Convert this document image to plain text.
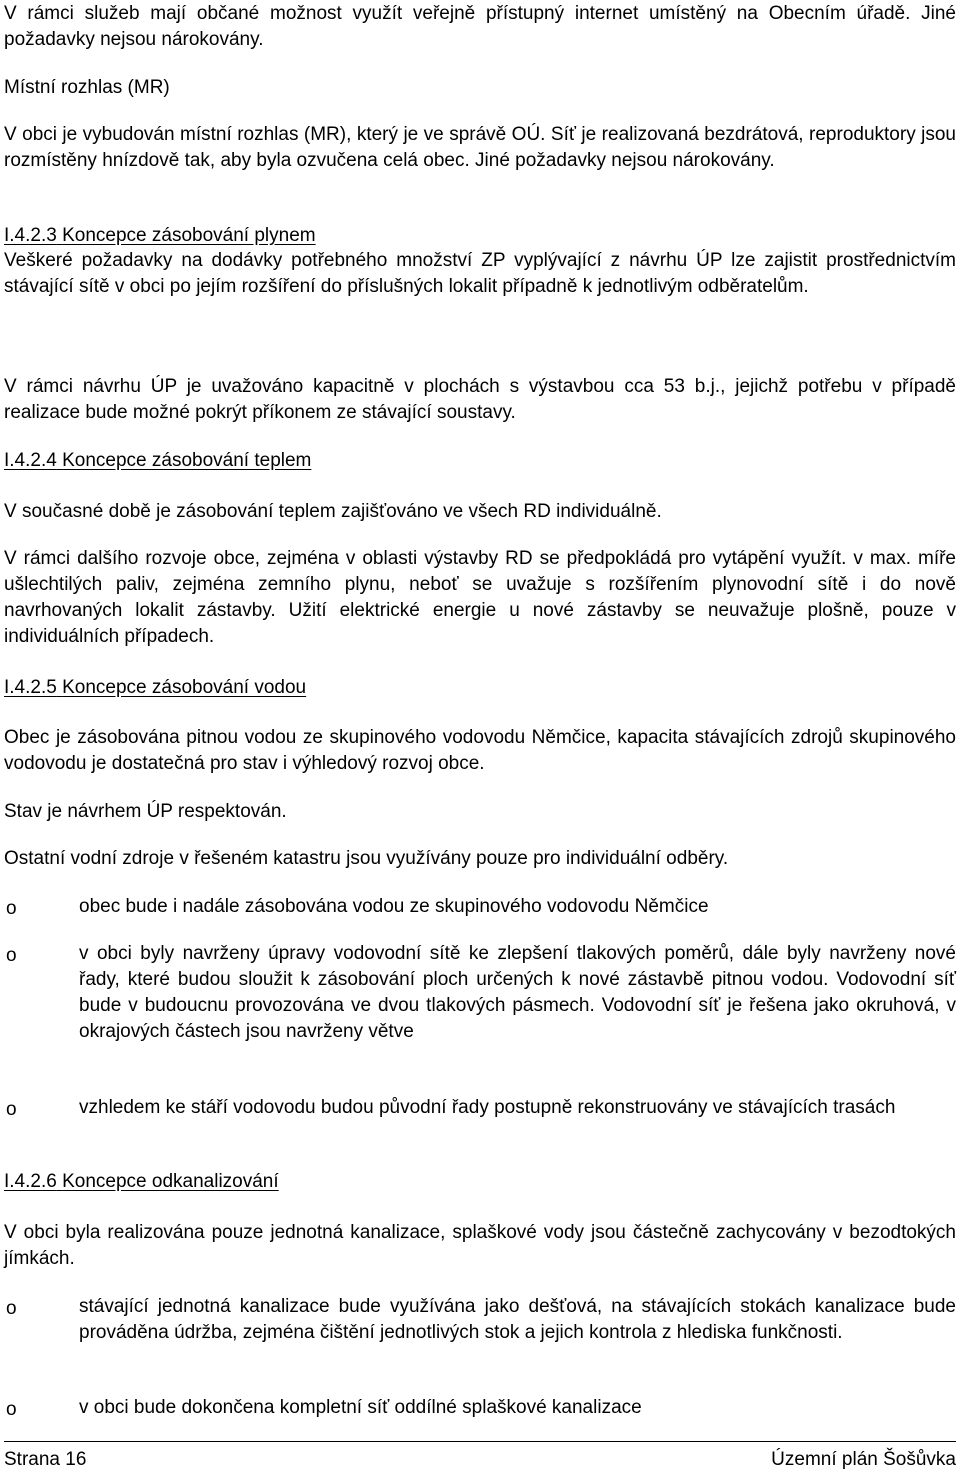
V rámci služeb mají občané možnost využít veřejně přístupný internet umístěný na Obecním úřadě. Jiné požadavky nejsou nárokovány.

Místní rozhlas (MR)

V obci je vybudován místní rozhlas (MR), který je ve správě OÚ. Síť je realizovaná bezdrátová, reproduktory jsou rozmístěny hnízdově tak, aby byla ozvučena celá obec. Jiné požadavky nejsou nárokovány.

I.4.2.3 Koncepce zásobování plynem

Veškeré požadavky na dodávky potřebného množství ZP vyplývající z návrhu ÚP lze zajistit prostřednictvím stávající sítě v obci po jejím rozšíření do příslušných lokalit případně k jednotlivým odběratelům.

V rámci návrhu ÚP je uvažováno kapacitně v plochách s výstavbou cca 53 b.j., jejichž potřebu v případě realizace bude možné pokrýt příkonem ze stávající soustavy.

I.4.2.4 Koncepce zásobování teplem

V současné době je zásobování teplem zajišťováno ve všech RD individuálně.

V rámci dalšího rozvoje obce, zejména v oblasti výstavby RD se předpokládá pro vytápění využít. v max. míře ušlechtilých paliv, zejména zemního plynu, neboť se uvažuje s rozšířením plynovodní sítě i do nově navrhovaných lokalit zástavby. Užití elektrické energie u nové zástavby se neuvažuje plošně, pouze v individuálních případech.

I.4.2.5 Koncepce zásobování vodou

Obec je zásobována pitnou vodou ze skupinového vodovodu Němčice, kapacita stávajících zdrojů skupinového vodovodu je dostatečná pro stav i výhledový rozvoj obce.

Stav je návrhem ÚP respektován.

Ostatní vodní zdroje v řešeném katastru jsou využívány pouze pro individuální odběry.

o	obec bude i nadále zásobována vodou ze skupinového vodovodu Němčice

o	v obci byly navrženy úpravy vodovodní sítě ke zlepšení tlakových poměrů, dále byly navrženy nové řady, které budou sloužit k zásobování ploch určených k nové zástavbě pitnou vodou. Vodovodní síť bude v budoucnu provozována ve dvou tlakových pásmech. Vodovodní síť je řešena jako okruhová, v okrajových částech jsou navrženy větve

o	vzhledem ke stáří vodovodu budou původní řady postupně rekonstruovány ve stávajících trasách

I.4.2.6 Koncepce odkanalizování

V obci byla realizována pouze jednotná kanalizace, splaškové vody jsou částečně zachycovány v bezodtokých jímkách.

o	stávající jednotná kanalizace bude využívána jako dešťová, na stávajících stokách kanalizace bude prováděna údržba, zejména čištění jednotlivých stok a jejich kontrola z hlediska funkčnosti.

o	v obci bude dokončena kompletní síť oddílné splaškové kanalizace

Strana 16	Územní plán Šošůvka
